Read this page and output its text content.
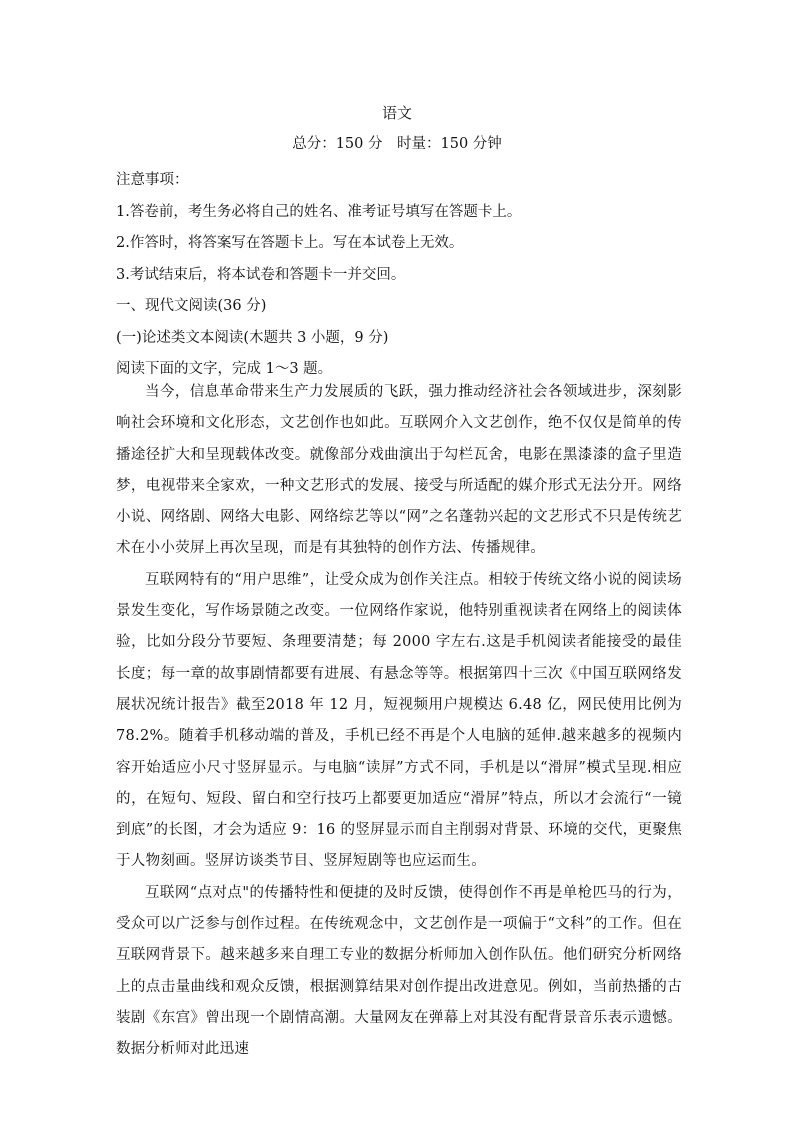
语文
总分：150 分　时量：150 分钟
注意事项：
1.答卷前，考生务必将自己的姓名、准考证号填写在答题卡上。
2.作答时，将答案写在答题卡上。写在本试卷上无效。
3.考试结束后，将本试卷和答题卡一并交回。
一、现代文阅读(36 分)
(一)论述类文本阅读(木题共 3 小题，9 分)
阅读下面的文字，完成 1～3 题。

当今，信息革命带来生产力发展质的飞跃，强力推动经济社会各领域进步，深刻影响社会环境和文化形态，文艺创作也如此。互联网介入文艺创作，绝不仅仅是简单的传播途径扩大和呈现载体改变。就像部分戏曲演出于勾栏瓦舍，电影在黑漆漆的盒子里造梦，电视带来全家欢，一种文艺形式的发展、接受与所适配的媒介形式无法分开。网络小说、网络剧、网络大电影、网络综艺等以“网”之名蓬勃兴起的文艺形式不只是传统艺术在小小荧屏上再次呈现，而是有其独特的创作方法、传播规律。

互联网特有的“用户思维”，让受众成为创作关注点。相较于传统文络小说的阅读场景发生变化，写作场景随之改变。一位网络作家说，他特别重视读者在网络上的阅读体验，比如分段分节要短、条理要清楚；每 2000 字左右.这是手机阅读者能接受的最佳长度；每一章的故事剧情都要有进展、有悬念等等。根据第四十三次《中国互联网络发展状况统计报告》截至2018 年 12 月，短视频用户规模达 6.48 亿，网民使用比例为 78.2%。随着手机移动端的普及，手机已经不再是个人电脑的延伸.越来越多的视频内容开始适应小尺寸竖屏显示。与电脑“读屏”方式不同，手机是以“滑屏”模式呈现.相应的，在短句、短段、留白和空行技巧上都要更加适应“滑屏”特点，所以才会流行“一镜到底”的长图，才会为适应 9：16 的竖屏显示而自主削弱对背景、环境的交代，更聚焦于人物刻画。竖屏访谈类节目、竖屏短剧等也应运而生。

互联网“点对点"的传播特性和便捷的及时反馈，使得创作不再是单枪匹马的行为，受众可以广泛参与创作过程。在传统观念中，文艺创作是一项偏于“文科”的工作。但在互联网背景下。越来越多来自理工专业的数据分析师加入创作队伍。他们研究分析网络上的点击量曲线和观众反馈，根据测算结果对创作提出改进意见。例如，当前热播的古装剧《东宫》曾出现一个剧情高潮。大量网友在弹幕上对其没有配背景音乐表示遗憾。数据分析师对此迅速
